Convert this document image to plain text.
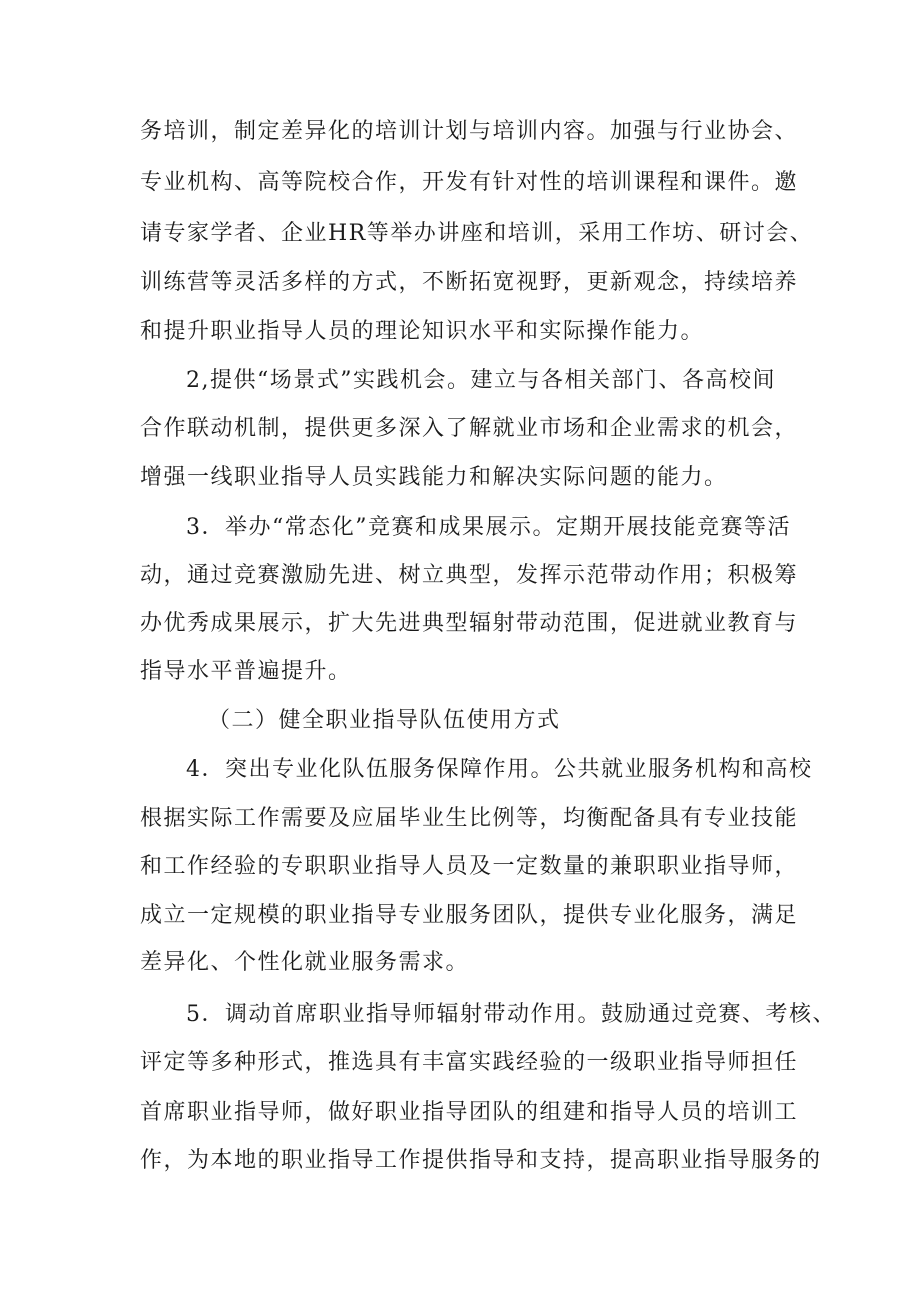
务培训，制定差异化的培训计划与培训内容。加强与行业协会、
专业机构、高等院校合作，开发有针对性的培训课程和课件。邀
请专家学者、企业HR等举办讲座和培训，采用工作坊、研讨会、
训练营等灵活多样的方式，不断拓宽视野，更新观念，持续培养
和提升职业指导人员的理论知识水平和实际操作能力。
2,提供“场景式”实践机会。建立与各相关部门、各高校间
合作联动机制，提供更多深入了解就业市场和企业需求的机会，
增强一线职业指导人员实践能力和解决实际问题的能力。
3．举办“常态化”竞赛和成果展示。定期开展技能竞赛等活
动，通过竞赛激励先进、树立典型，发挥示范带动作用；积极筹
办优秀成果展示，扩大先进典型辐射带动范围，促进就业教育与
指导水平普遍提升。
（二）健全职业指导队伍使用方式
4．突出专业化队伍服务保障作用。公共就业服务机构和高校
根据实际工作需要及应届毕业生比例等，均衡配备具有专业技能
和工作经验的专职职业指导人员及一定数量的兼职职业指导师，
成立一定规模的职业指导专业服务团队，提供专业化服务，满足
差异化、个性化就业服务需求。
5．调动首席职业指导师辐射带动作用。鼓励通过竞赛、考核、
评定等多种形式，推选具有丰富实践经验的一级职业指导师担任
首席职业指导师，做好职业指导团队的组建和指导人员的培训工
作，为本地的职业指导工作提供指导和支持，提高职业指导服务的
